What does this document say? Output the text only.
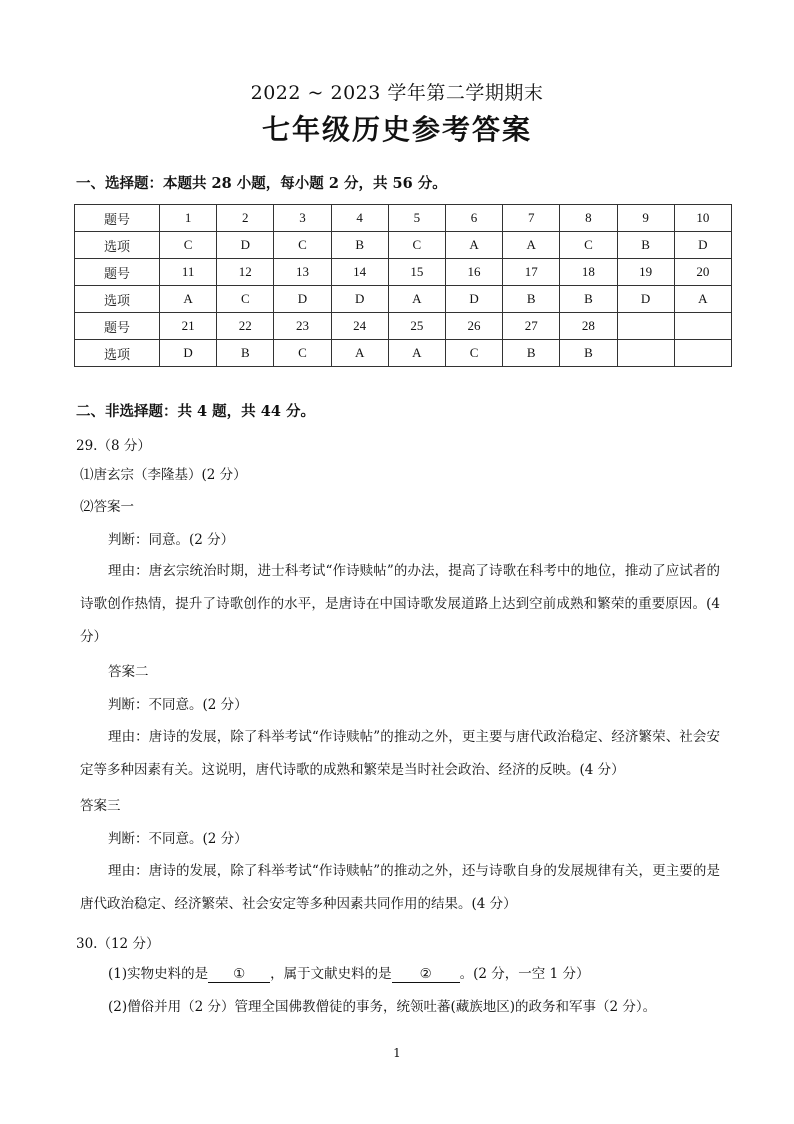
2022 ~ 2023 学年第二学期期末
七年级历史参考答案
一、选择题：本题共 28 小题，每小题 2 分，共 56 分。
题号	1	2	3	4	5	6	7	8	9	10
选项	C	D	C	B	C	A	A	C	B	D
题号	11	12	13	14	15	16	17	18	19	20
选项	A	C	D	D	A	D	B	B	D	A
题号	21	22	23	24	25	26	27	28		
选项	D	B	C	A	A	C	B	B		
二、非选择题：共 4 题，共 44 分。
29.（8 分）
⑴唐玄宗（李隆基）(2 分）
⑵答案一
判断：同意。(2 分）
理由：唐玄宗统治时期，进士科考试“作诗赎帖”的办法，提高了诗歌在科考中的地位，推动了应试者的诗歌创作热情，提升了诗歌创作的水平，是唐诗在中国诗歌发展道路上达到空前成熟和繁荣的重要原因。(4 分）
答案二
判断：不同意。(2 分）
理由：唐诗的发展，除了科举考试“作诗赎帖”的推动之外，更主要与唐代政治稳定、经济繁荣、社会安定等多种因素有关。这说明，唐代诗歌的成熟和繁荣是当时社会政治、经济的反映。(4 分）
答案三
判断：不同意。(2 分）
理由：唐诗的发展，除了科举考试“作诗赎帖”的推动之外，还与诗歌自身的发展规律有关，更主要的是唐代政治稳定、经济繁荣、社会安定等多种因素共同作用的结果。(4 分）
30.（12 分）
(1)实物史料的是 ① ，属于文献史料的是 ② 。(2 分，一空 1 分）
(2)僧俗并用（2 分）管理全国佛教僧徒的事务，统领吐蕃(藏族地区)的政务和军事（2 分）。
1
